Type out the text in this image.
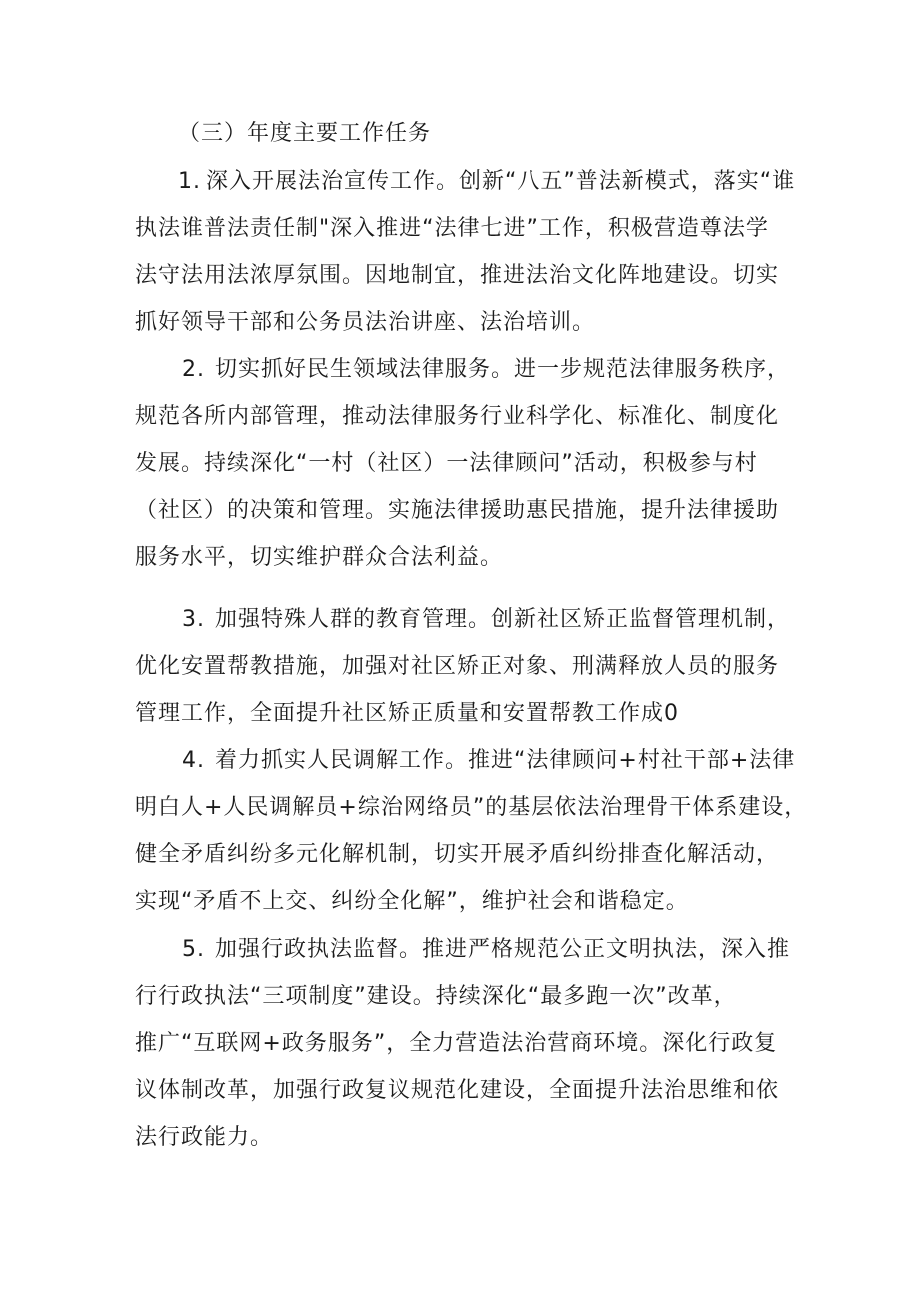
（三）年度主要工作任务
1. 深入开展法治宣传工作。创新“八五”普法新模式，落实“谁
执法谁普法责任制"深入推进“法律七进”工作，积极营造尊法学
法守法用法浓厚氛围。因地制宜，推进法治文化阵地建设。切实
抓好领导干部和公务员法治讲座、法治培训。
2. 切实抓好民生领域法律服务。进一步规范法律服务秩序，
规范各所内部管理，推动法律服务行业科学化、标准化、制度化
发展。持续深化“一村（社区）一法律顾问”活动，积极参与村
（社区）的决策和管理。实施法律援助惠民措施，提升法律援助
服务水平，切实维护群众合法利益。
3. 加强特殊人群的教育管理。创新社区矫正监督管理机制，
优化安置帮教措施，加强对社区矫正对象、刑满释放人员的服务
管理工作，全面提升社区矫正质量和安置帮教工作成0
4. 着力抓实人民调解工作。推进“法律顾问+村社干部+法律
明白人+人民调解员+综治网络员”的基层依法治理骨干体系建设，
健全矛盾纠纷多元化解机制，切实开展矛盾纠纷排查化解活动，
实现“矛盾不上交、纠纷全化解”，维护社会和谐稳定。
5. 加强行政执法监督。推进严格规范公正文明执法，深入推
行行政执法“三项制度”建设。持续深化“最多跑一次”改革，
推广“互联网+政务服务”，全力营造法治营商环境。深化行政复
议体制改革，加强行政复议规范化建设，全面提升法治思维和依
法行政能力。
